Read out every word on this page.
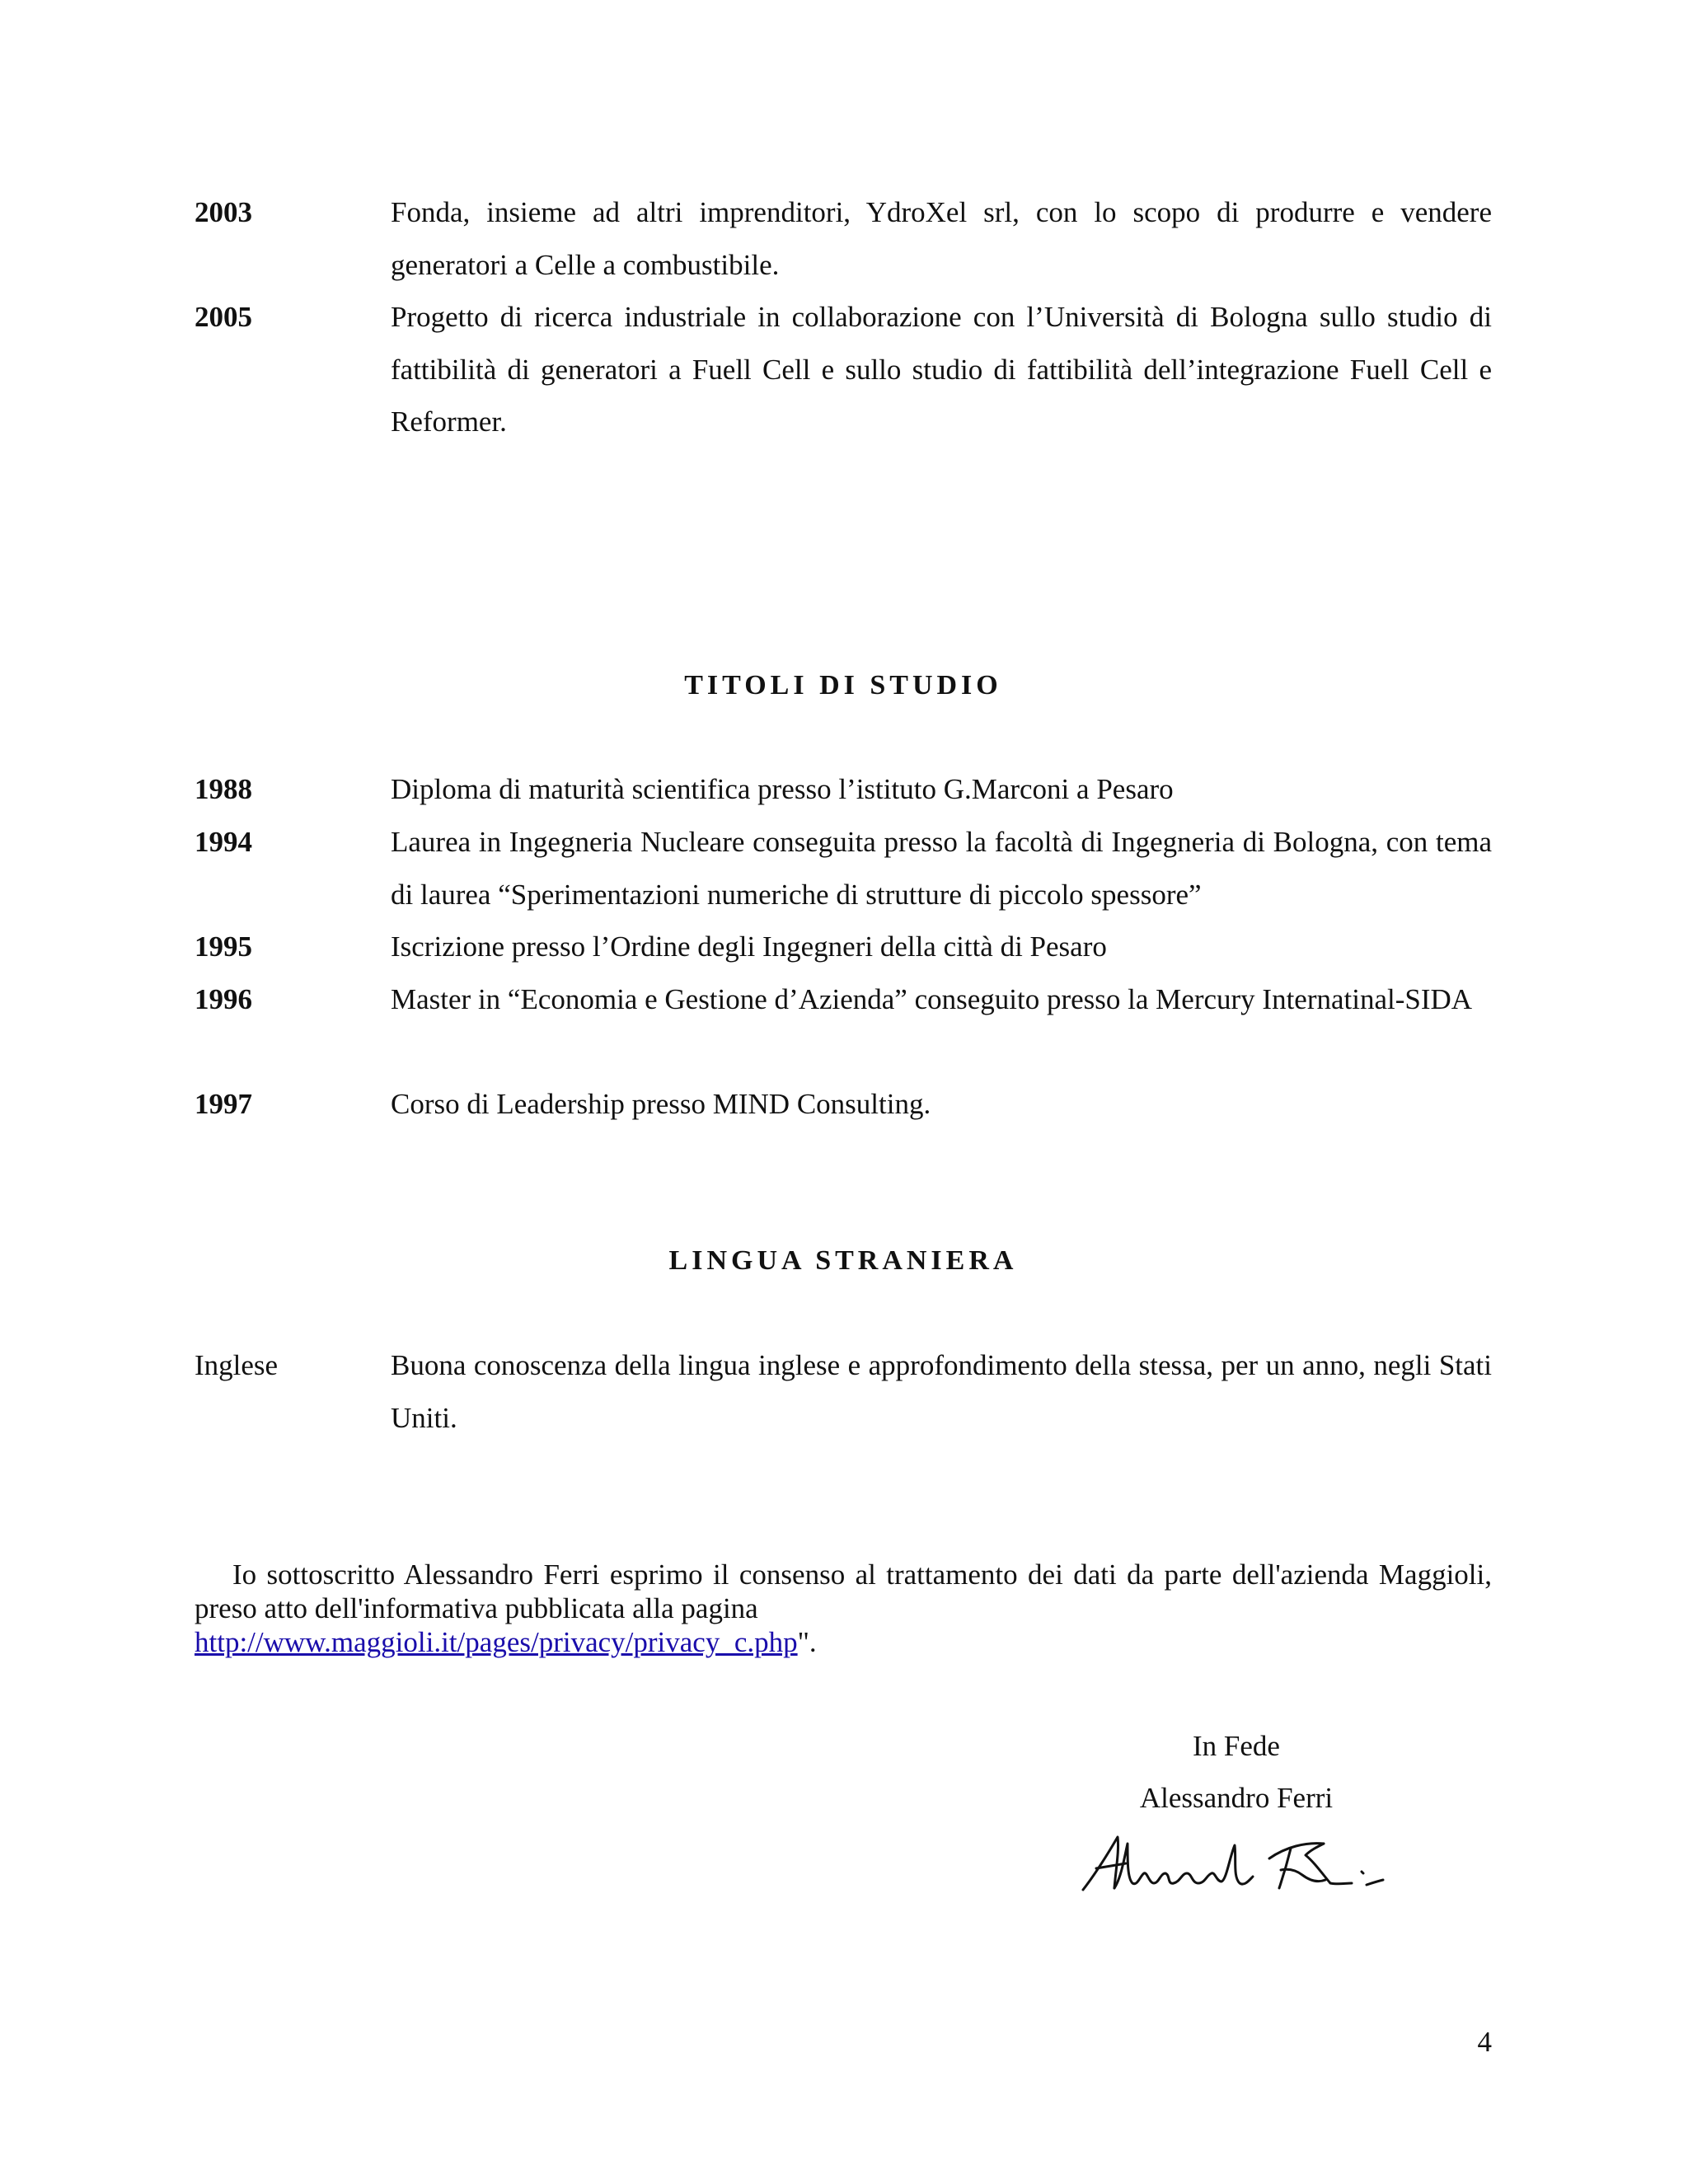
2003	Fonda, insieme ad altri imprenditori, YdroXel srl, con lo scopo di produrre e vendere generatori a Celle a combustibile.
2005	Progetto di ricerca industriale in collaborazione con l’Università di Bologna sullo studio di fattibilità di generatori a Fuell Cell e sullo studio di fattibilità dell’integrazione Fuell Cell e Reformer.
TITOLI DI STUDIO
1988	Diploma di maturità scientifica presso l’istituto G.Marconi a Pesaro
1994	Laurea in Ingegneria Nucleare conseguita presso la facoltà di Ingegneria di Bologna, con tema di laurea “Sperimentazioni numeriche di strutture di piccolo spessore”
1995	Iscrizione presso l’Ordine degli Ingegneri della città di Pesaro
1996	Master in “Economia e Gestione d’Azienda” conseguito presso la Mercury Internatinal-SIDA
1997	Corso di Leadership presso MIND Consulting.
LINGUA STRANIERA
Inglese	Buona conoscenza della lingua inglese e approfondimento della stessa, per un anno, negli Stati Uniti.
Io sottoscritto Alessandro Ferri esprimo il consenso al trattamento dei dati da parte dell'azienda Maggioli, preso atto dell'informativa pubblicata alla pagina
http://www.maggioli.it/pages/privacy/privacy_c.php".
In Fede
Alessandro Ferri
4
